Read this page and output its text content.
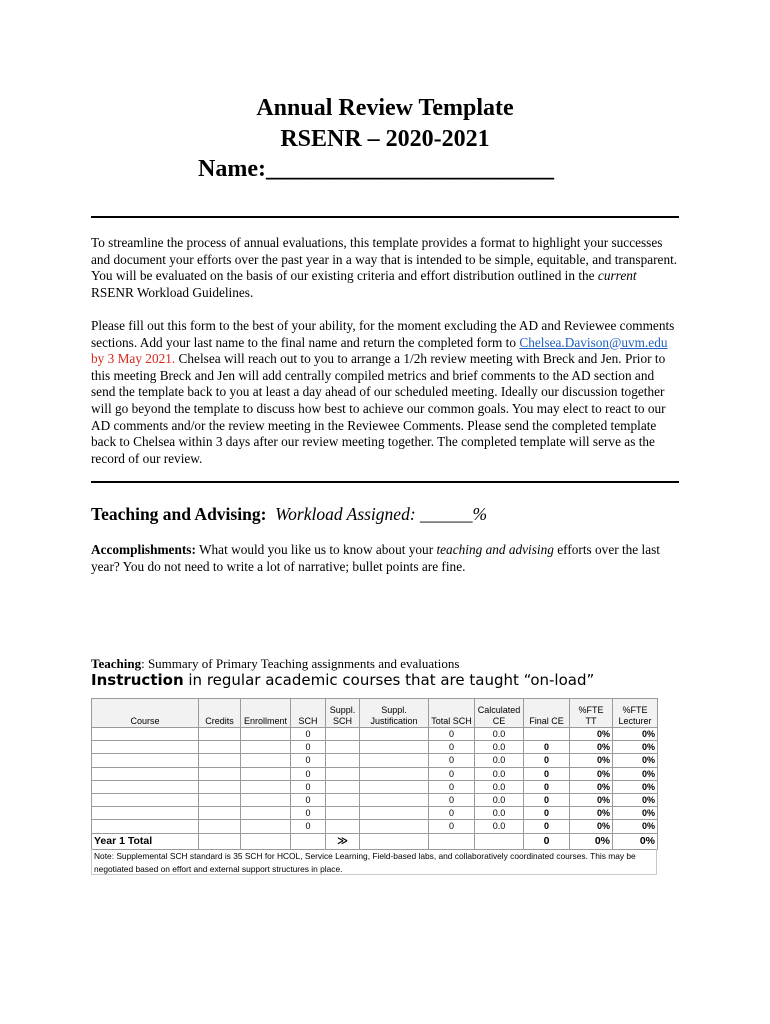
Annual Review Template
RSENR – 2020-2021
Name:________________________
To streamline the process of annual evaluations, this template provides a format to highlight your successes and document your efforts over the past year in a way that is intended to be simple, equitable, and transparent. You will be evaluated on the basis of our existing criteria and effort distribution outlined in the current RSENR Workload Guidelines.
Please fill out this form to the best of your ability, for the moment excluding the AD and Reviewee comments sections. Add your last name to the final name and return the completed form to Chelsea.Davison@uvm.edu by 3 May 2021. Chelsea will reach out to you to arrange a 1/2h review meeting with Breck and Jen. Prior to this meeting Breck and Jen will add centrally compiled metrics and brief comments to the AD section and send the template back to you at least a day ahead of our scheduled meeting. Ideally our discussion together will go beyond the template to discuss how best to achieve our common goals. You may elect to react to our AD comments and/or the review meeting in the Reviewee Comments. Please send the completed template back to Chelsea within 3 days after our review meeting together. The completed template will serve as the record of our review.
Teaching and Advising: Workload Assigned: ______%
Accomplishments: What would you like us to know about your teaching and advising efforts over the last year? You do not need to write a lot of narrative; bullet points are fine.
Teaching: Summary of Primary Teaching assignments and evaluations
Instruction in regular academic courses that are taught “on-load”
Course	Credits	Enrollment	SCH	Suppl. SCH	Suppl. Justification	Total SCH	Calculated CE	Final CE	%FTE TT	%FTE Lecturer
			0			0	0.0		0%	0%
			0			0	0.0	0	0%	0%
			0			0	0.0	0	0%	0%
			0			0	0.0	0	0%	0%
			0			0	0.0	0	0%	0%
			0			0	0.0	0	0%	0%
			0			0	0.0	0	0%	0%
			0			0	0.0	0	0%	0%
Year 1 Total				≫				0	0%	0%
Note: Supplemental SCH standard is 35 SCH for HCOL, Service Learning, Field-based labs, and collaboratively coordinated courses. This may be negotiated based on effort and external support structures in place.
